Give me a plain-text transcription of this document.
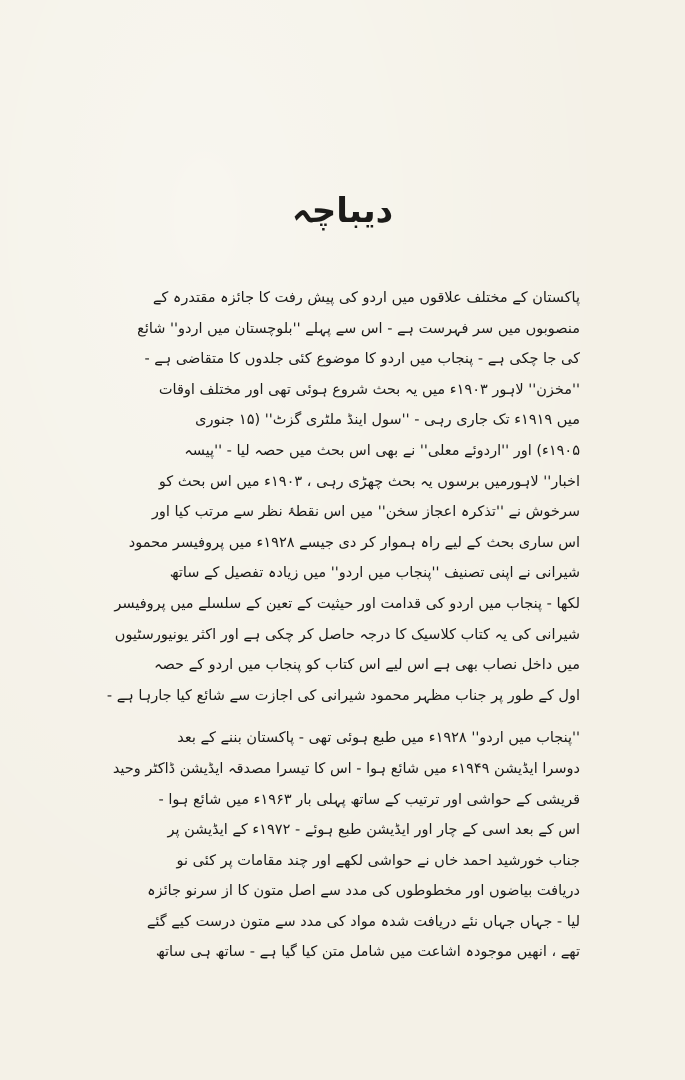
دیباچہ
پاکستان کے مختلف علاقوں میں اردو کی پیش رفت کا جائزہ مقتدرہ کے
منصوبوں میں سر فہرست ہے - اس سے پہلے ''بلوچستان میں اردو'' شائع
کی جا چکی ہے - پنجاب میں اردو کا موضوع کئی جلدوں کا متقاضی ہے -
''مخزن'' لاہور ۱۹۰۳ء میں یہ بحث شروع ہوئی تھی اور مختلف اوقات
میں ۱۹۱۹ء تک جاری رہی - ''سول اینڈ ملٹری گزٹ'' (۱۵ جنوری
۱۹۰۵ء) اور ''اردوئے معلی'' نے بھی اس بحث میں حصہ لیا - ''پیسہ
اخبار'' لاہورمیں برسوں یہ بحث چھڑی رہی ، ۱۹۰۳ء میں اس بحث کو
سرخوش نے ''تذکرہ اعجاز سخن'' میں اس نقطۂ نظر سے مرتب کیا اور
اس ساری بحث کے لیے راہ ہموار کر دی جیسے ۱۹۲۸ء میں پروفیسر محمود
شیرانی نے اپنی تصنیف ''پنجاب میں اردو'' میں زیادہ تفصیل کے ساتھ
لکھا - پنجاب میں اردو کی قدامت اور حیثیت کے تعین کے سلسلے میں پروفیسر
شیرانی کی یہ کتاب کلاسیک کا درجہ حاصل کر چکی ہے اور اکثر یونیورسٹیوں
میں داخل نصاب بھی ہے اس لیے اس کتاب کو پنجاب میں اردو کے حصہ
اول کے طور پر جناب مظہر محمود شیرانی کی اجازت سے شائع کیا جارہا ہے -
''پنجاب میں اردو'' ۱۹۲۸ء میں طبع ہوئی تھی - پاکستان بننے کے بعد
دوسرا ایڈیشن ۱۹۴۹ء میں شائع ہوا - اس کا تیسرا مصدقہ ایڈیشن ڈاکٹر وحید
قریشی کے حواشی اور ترتیب کے ساتھ پہلی بار ۱۹۶۳ء میں شائع ہوا -
اس کے بعد اسی کے چار اور ایڈیشن طبع ہوئے - ۱۹۷۲ء کے ایڈیشن پر
جناب خورشید احمد خاں نے حواشی لکھے اور چند مقامات پر کئی نو
دریافت بیاضوں اور مخطوطوں کی مدد سے اصل متون کا از سرنو جائزہ
لیا - جہاں جہاں نئے دریافت شدہ مواد کی مدد سے متون درست کیے گئے
تھے ، انھیں موجودہ اشاعت میں شامل متن کیا گیا ہے - ساتھ ہی ساتھ
